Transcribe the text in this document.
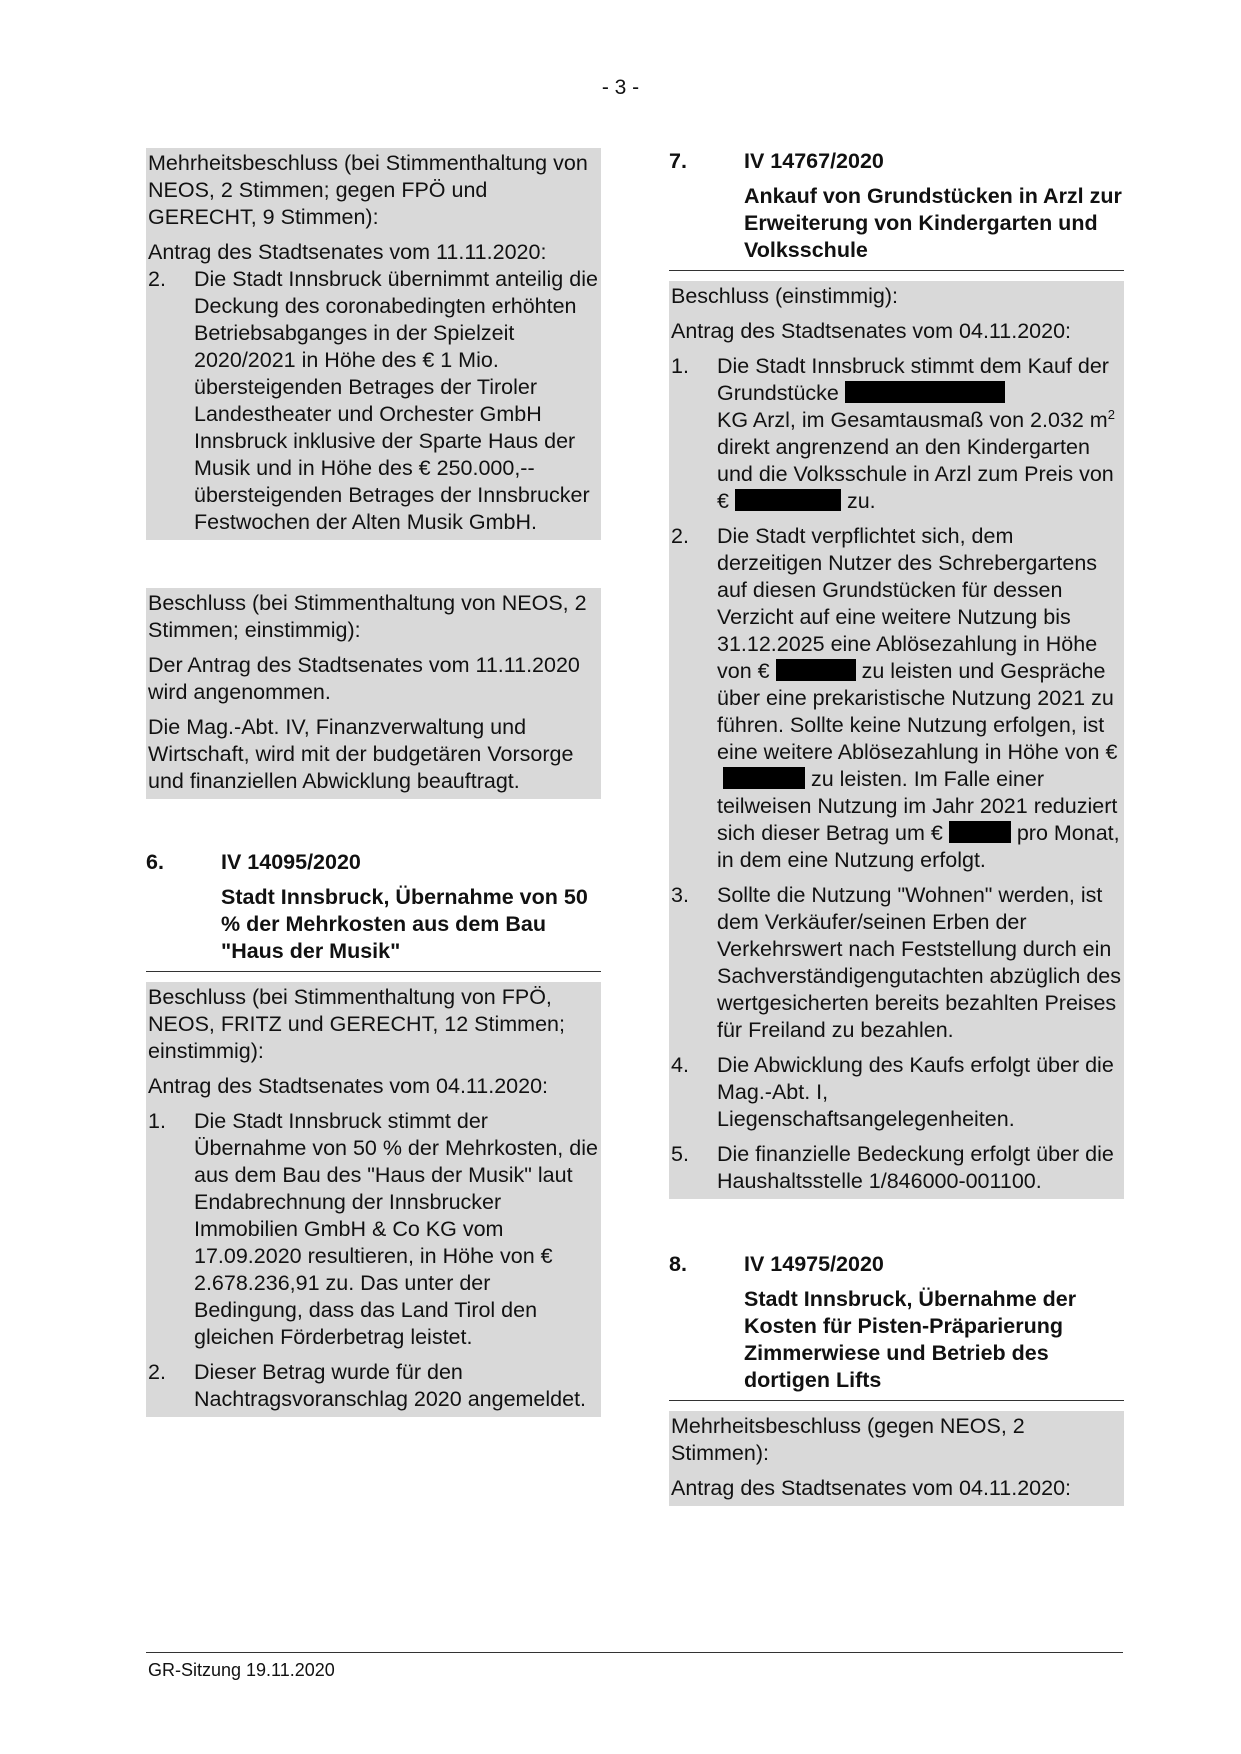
- 3 -

Mehrheitsbeschluss (bei Stimmenthaltung von NEOS, 2 Stimmen; gegen FPÖ und GERECHT, 9 Stimmen):

Antrag des Stadtsenates vom 11.11.2020:

2.	Die Stadt Innsbruck übernimmt anteilig die Deckung des coronabedingten erhöhten Betriebsabganges in der Spielzeit 2020/2021 in Höhe des € 1 Mio. übersteigenden Betrages der Tiroler Landestheater und Orchester GmbH Innsbruck inklusive der Sparte Haus der Musik und in Höhe des € 250.000,-- übersteigenden Betrages der Innsbrucker Festwochen der Alten Musik GmbH.

Beschluss (bei Stimmenthaltung von NEOS, 2 Stimmen; einstimmig):

Der Antrag des Stadtsenates vom 11.11.2020 wird angenommen.

Die Mag.-Abt. IV, Finanzverwaltung und Wirtschaft, wird mit der budgetären Vorsorge und finanziellen Abwicklung beauftragt.

6.	IV 14095/2020
Stadt Innsbruck, Übernahme von 50 % der Mehrkosten aus dem Bau "Haus der Musik"

Beschluss (bei Stimmenthaltung von FPÖ, NEOS, FRITZ und GERECHT, 12 Stimmen; einstimmig):

Antrag des Stadtsenates vom 04.11.2020:

1.	Die Stadt Innsbruck stimmt der Übernahme von 50 % der Mehrkosten, die aus dem Bau des "Haus der Musik" laut Endabrechnung der Innsbrucker Immobilien GmbH & Co KG vom 17.09.2020 resultieren, in Höhe von € 2.678.236,91 zu. Das unter der Bedingung, dass das Land Tirol den gleichen Förderbetrag leistet.
2.	Dieser Betrag wurde für den Nachtragsvoranschlag 2020 angemeldet.
7.	IV 14767/2020
Ankauf von Grundstücken in Arzl zur Erweiterung von Kindergarten und Volksschule

Beschluss (einstimmig):

Antrag des Stadtsenates vom 04.11.2020:

1.	Die Stadt Innsbruck stimmt dem Kauf der Grundstücke
KG Arzl, im Gesamtausmaß von 2.032 $m^2$ direkt angrenzend an den Kindergarten und die Volksschule in Arzl zum Preis von €	zu.
2.	Die Stadt verpflichtet sich, dem derzeitigen Nutzer des Schrebergartens auf diesen Grundstücken für dessen Verzicht auf eine weitere Nutzung bis 31.12.2025 eine Ablösezahlung in Höhe von €	zu leisten und Gespräche über eine prekaristische Nutzung 2021 zu führen. Sollte keine Nutzung erfolgen, ist eine weitere Ablösezahlung in Höhe von € zu leisten. Im Falle einer teilweisen Nutzung im Jahr 2021 reduziert sich dieser Betrag um €	pro Monat, in dem eine Nutzung erfolgt.
3.	Sollte die Nutzung "Wohnen" werden, ist dem Verkäufer/seinen Erben der Verkehrswert nach Feststellung durch ein Sachverständigengutachten abzüglich des wertgesicherten bereits bezahlten Preises für Freiland zu bezahlen.
4.	Die Abwicklung des Kaufs erfolgt über die Mag.-Abt. I, Liegenschaftsangelegenheiten.
5.	Die finanzielle Bedeckung erfolgt über die Haushaltsstelle 1/846000-001100.
8.	IV 14975/2020
Stadt Innsbruck, Übernahme der Kosten für Pisten-Präparierung Zimmerwiese und Betrieb des dortigen Lifts

Mehrheitsbeschluss (gegen NEOS, 2 Stimmen):

Antrag des Stadtsenates vom 04.11.2020:

GR-Sitzung 19.11.2020
